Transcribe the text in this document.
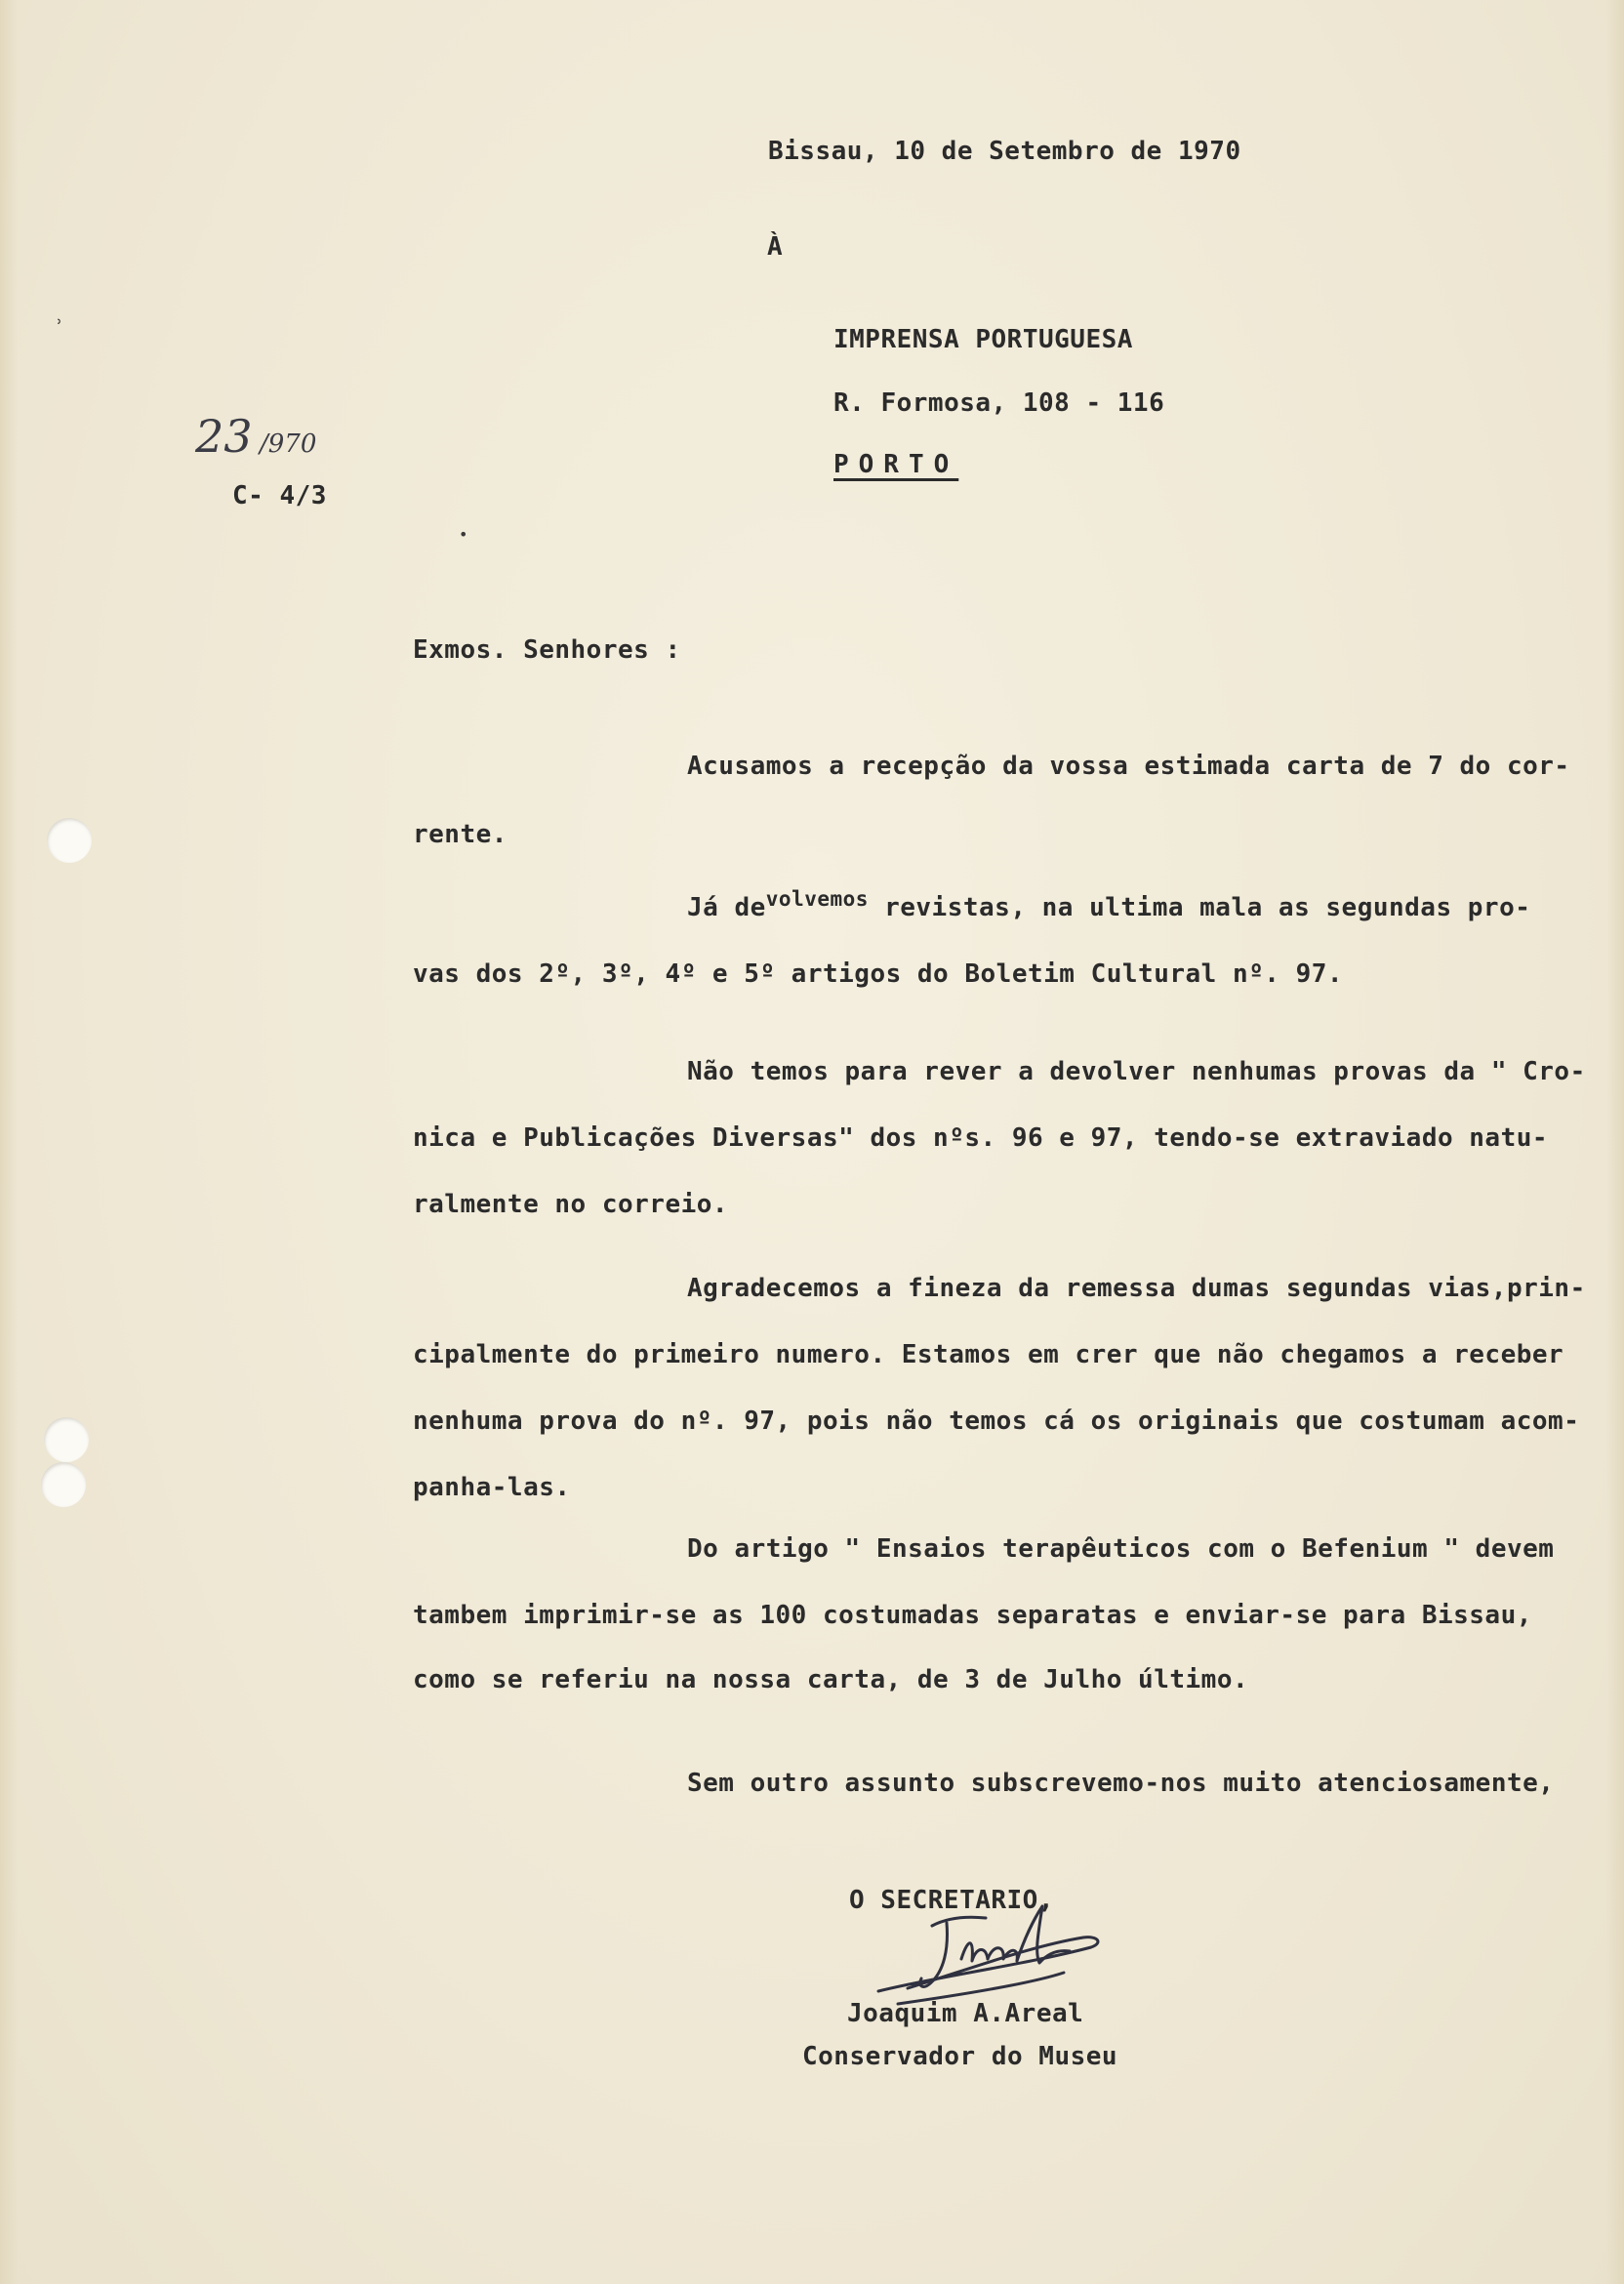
˒
•
Bissau, 10 de Setembro de 1970
À
IMPRENSA PORTUGUESA
R. Formosa, 108 - 116
PORTO
23 /970
C- 4/3
Exmos. Senhores :
Acusamos a recepção da vossa estimada carta de 7 do cor-
rente.
Já $de^{volvemos}$ revistas, na ultima mala as segundas pro-
vas dos 2º, 3º, 4º e 5º artigos do Boletim Cultural nº. 97.
Não temos para rever a devolver nenhumas provas da " Cro-
nica e Publicações Diversas" dos nºs. 96 e 97, tendo-se extraviado natu-
ralmente no correio.
Agradecemos a fineza da remessa dumas segundas vias,prin-
cipalmente do primeiro numero. Estamos em crer que não chegamos a receber
nenhuma prova do nº. 97, pois não temos cá os originais que costumam acom-
panha-las.
Do artigo " Ensaios terapêuticos com o Befenium " devem
tambem imprimir-se as 100 costumadas separatas e enviar-se para Bissau,
como se referiu na nossa carta, de 3 de Julho último.
Sem outro assunto subscrevemo-nos muito atenciosamente,
O SECRETARIO,
Joaquim A.Areal
Conservador do Museu
